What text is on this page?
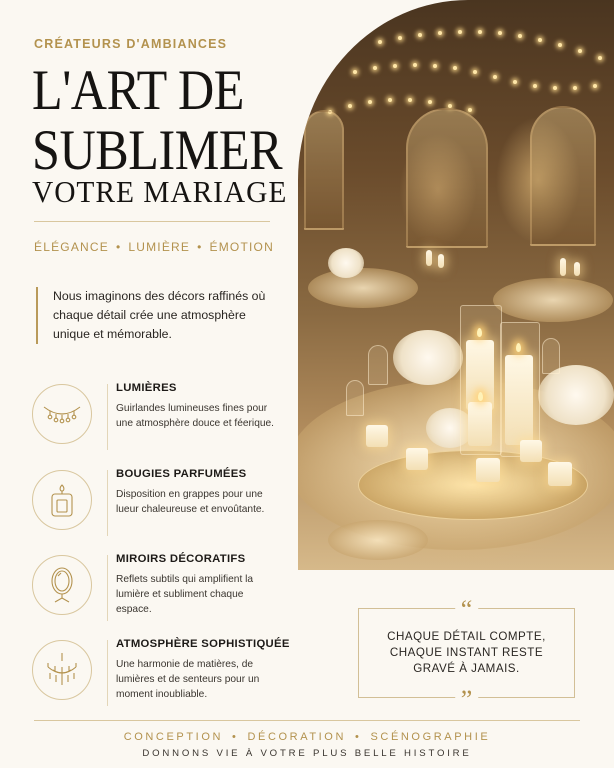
CRÉATEURS D'AMBIANCES
L'ART DE
SUBLIMER
VOTRE MARIAGE
ÉLÉGANCE • LUMIÈRE • ÉMOTION
Nous imaginons des décors raffinés où chaque détail crée une atmosphère unique et mémorable.
LUMIÈRES
Guirlandes lumineuses fines pour une atmosphère douce et féerique.
BOUGIES PARFUMÉES
Disposition en grappes pour une lueur chaleureuse et envoûtante.
MIROIRS DÉCORATIFS
Reflets subtils qui amplifient la lumière et subliment chaque espace.
ATMOSPHÈRE SOPHISTIQUÉE
Une harmonie de matières, de lumières et de senteurs pour un moment inoubliable.
“
CHAQUE DÉTAIL COMPTE,
CHAQUE INSTANT RESTE
GRAVÉ À JAMAIS.
”
CONCEPTION • DÉCORATION • SCÉNOGRAPHIE
DONNONS VIE À VOTRE PLUS BELLE HISTOIRE
